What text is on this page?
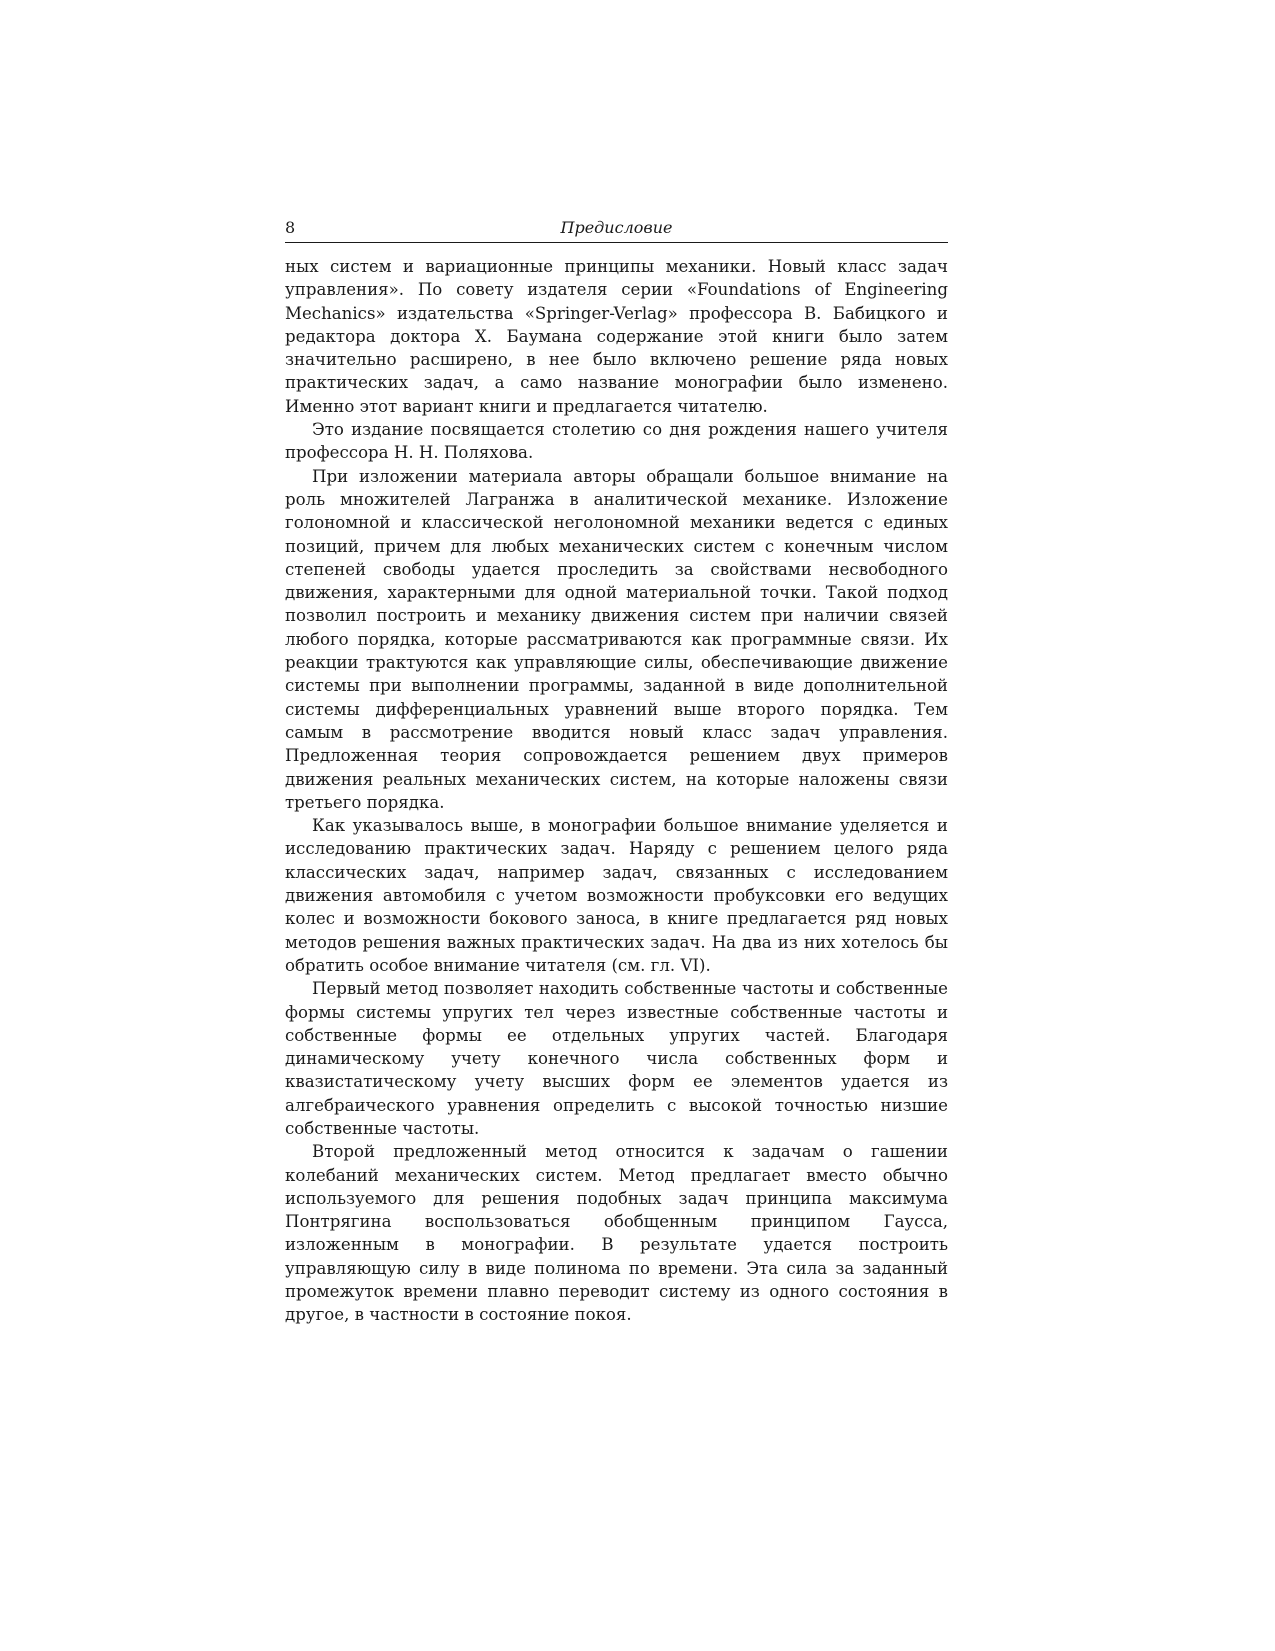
8	Предисловие

ных систем и вариационные принципы механики. Новый класс задач управления». По совету издателя серии «Foundations of Engineering Mechanics» издательства «Springer-Verlag» профессора В. Бабицкого и редактора доктора Х. Баумана содержание этой книги было затем значительно расширено, в нее было включено решение ряда новых практических задач, а само название монографии было изменено. Именно этот вариант книги и предлагается читателю.

Это издание посвящается столетию со дня рождения нашего учителя профессора Н. Н. Поляхова.

При изложении материала авторы обращали большое внимание на роль множителей Лагранжа в аналитической механике. Изложение голономной и классической неголономной механики ведется с единых позиций, причем для любых механических систем с конечным числом степеней свободы удается проследить за свойствами несвободного движения, характерными для одной материальной точки. Такой подход позволил построить и механику движения систем при наличии связей любого порядка, которые рассматриваются как программные связи. Их реакции трактуются как управляющие силы, обеспечивающие движение системы при выполнении программы, заданной в виде дополнительной системы дифференциальных уравнений выше второго порядка. Тем самым в рассмотрение вводится новый класс задач управления. Предложенная теория сопровождается решением двух примеров движения реальных механических систем, на которые наложены связи третьего порядка.

Как указывалось выше, в монографии большое внимание уделяется и исследованию практических задач. Наряду с решением целого ряда классических задач, например задач, связанных с исследованием движения автомобиля с учетом возможности пробуксовки его ведущих колес и возможности бокового заноса, в книге предлагается ряд новых методов решения важных практических задач. На два из них хотелось бы обратить особое внимание читателя (см. гл. VI).

Первый метод позволяет находить собственные частоты и собственные формы системы упругих тел через известные собственные частоты и собственные формы ее отдельных упругих частей. Благодаря динамическому учету конечного числа собственных форм и квазистатическому учету высших форм ее элементов удается из алгебраического уравнения определить с высокой точностью низшие собственные частоты.

Второй предложенный метод относится к задачам о гашении колебаний механических систем. Метод предлагает вместо обычно используемого для решения подобных задач принципа максимума Понтрягина воспользоваться обобщенным принципом Гаусса, изложенным в монографии. В результате удается построить управляющую силу в виде полинома по времени. Эта сила за заданный промежуток времени плавно переводит систему из одного состояния в другое, в частности в состояние покоя.
